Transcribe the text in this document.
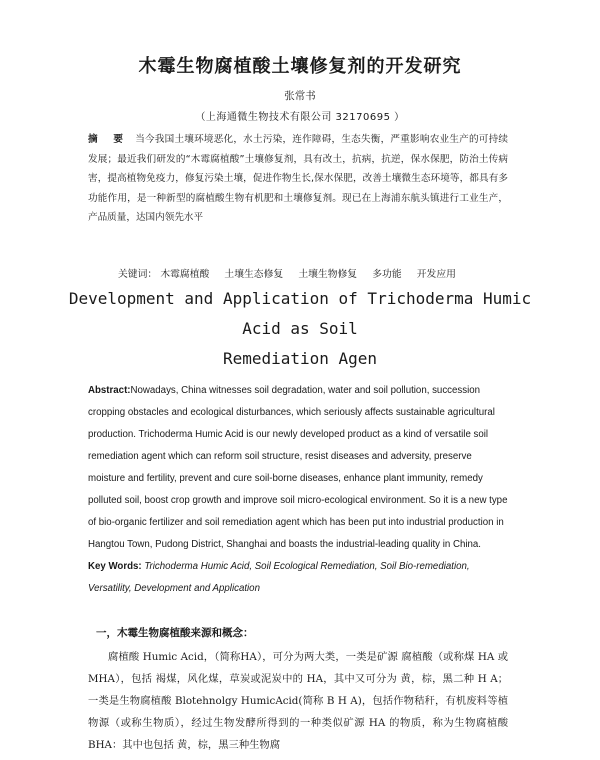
木霉生物腐植酸土壤修复剂的开发研究
张常书
（上海通微生物技术有限公司 32170695 ）
摘 要 当今我国土壤环境恶化，水土污染，连作障碍，生态失衡，严重影响农业生产的可持续发展；最近我们研发的“木霉腐植酸”土壤修复剂，具有改土，抗病，抗逆，保水保肥，防治土传病害，提高植物免疫力，修复污染土壤，促进作物生长,保水保肥，改善土壤微生态环境等，都具有多功能作用，是一种新型的腐植酸生物有机肥和土壤修复剂。现已在上海浦东航头镇进行工业生产，产品质量，达国内领先水平
关键词： 木霉腐植酸 土壤生态修复 土壤生物修复 多功能 开发应用
Development and Application of Trichoderma Humic
Acid as Soil
Remediation Agen
Abstract:Nowadays, China witnesses soil degradation, water and soil pollution, succession cropping obstacles and ecological disturbances, which seriously affects sustainable agricultural production. Trichoderma Humic Acid is our newly developed product as a kind of versatile soil remediation agent which can reform soil structure, resist diseases and adversity, preserve moisture and fertility, prevent and cure soil-borne diseases, enhance plant immunity, remedy polluted soil, boost crop growth and improve soil micro-ecological environment. So it is a new type of bio-organic fertilizer and soil remediation agent which has been put into industrial production in Hangtou Town, Pudong District, Shanghai and boasts the industrial-leading quality in China.
Key Words: Trichoderma Humic Acid, Soil Ecological Remediation, Soil Bio-remediation, Versatility, Development and Application
一，木霉生物腐植酸来源和概念：

腐植酸 Humic Acid，（简称HA），可分为两大类，一类是矿源 腐植酸（或称煤 HA 或 MHA），包括 褐煤，风化煤，草炭或泥炭中的 HA，其中又可分为 黄，棕，黑二种 H A；一类是生物腐植酸 Blotehnolgy HumicAcid(简称 B H A)，包括作物秸秆，有机废料等植物源（或称生物质），经过生物发酵所得到的一种类似矿源 HA 的物质，称为生物腐植酸 BHA：其中也包括 黄，棕，黑三种生物腐
